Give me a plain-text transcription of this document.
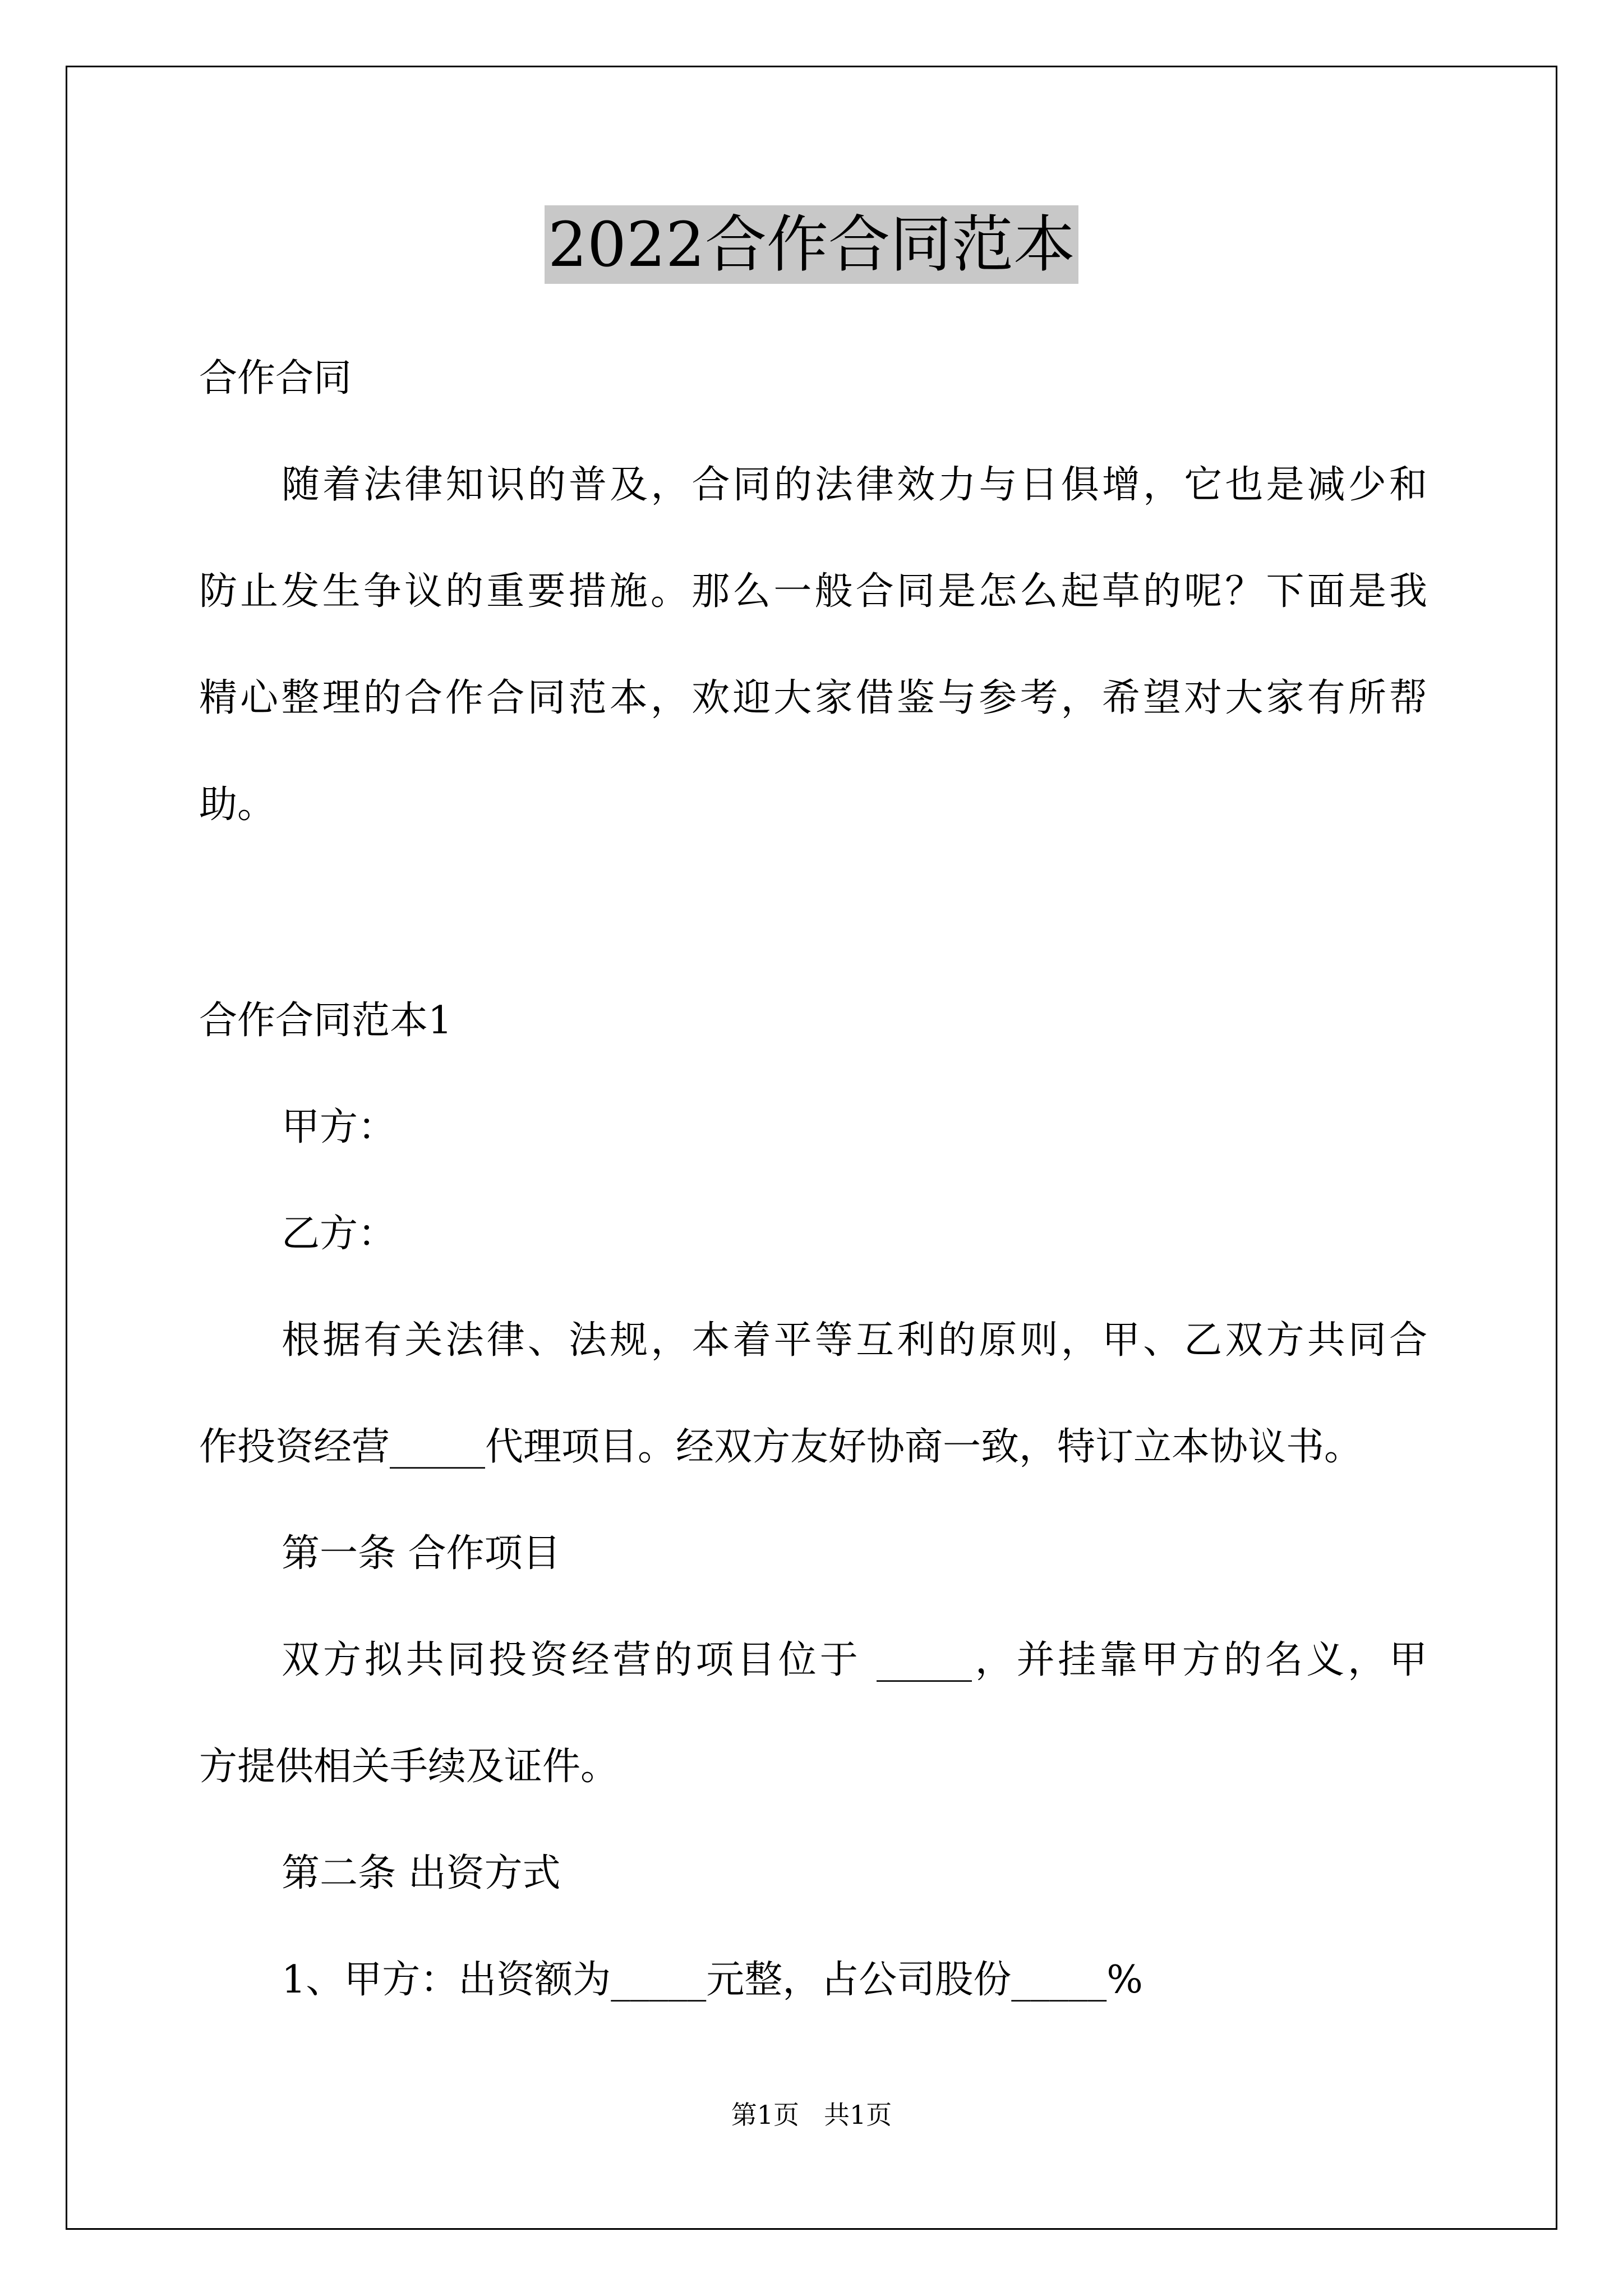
2022合作合同范本
合作合同
随着法律知识的普及，合同的法律效力与日俱增，它也是减少和
防止发生争议的重要措施。那么一般合同是怎么起草的呢？下面是我
精心整理的合作合同范本，欢迎大家借鉴与参考，希望对大家有所帮
助。
合作合同范本1
甲方：
乙方：
根据有关法律、法规，本着平等互利的原则，甲、乙双方共同合
作投资经营_____代理项目。经双方友好协商一致，特订立本协议书。
第一条 合作项目
双方拟共同投资经营的项目位于 _____，并挂靠甲方的名义，甲
方提供相关手续及证件。
第二条 出资方式
1、甲方：出资额为_____元整，占公司股份_____%
第1页 共1页
